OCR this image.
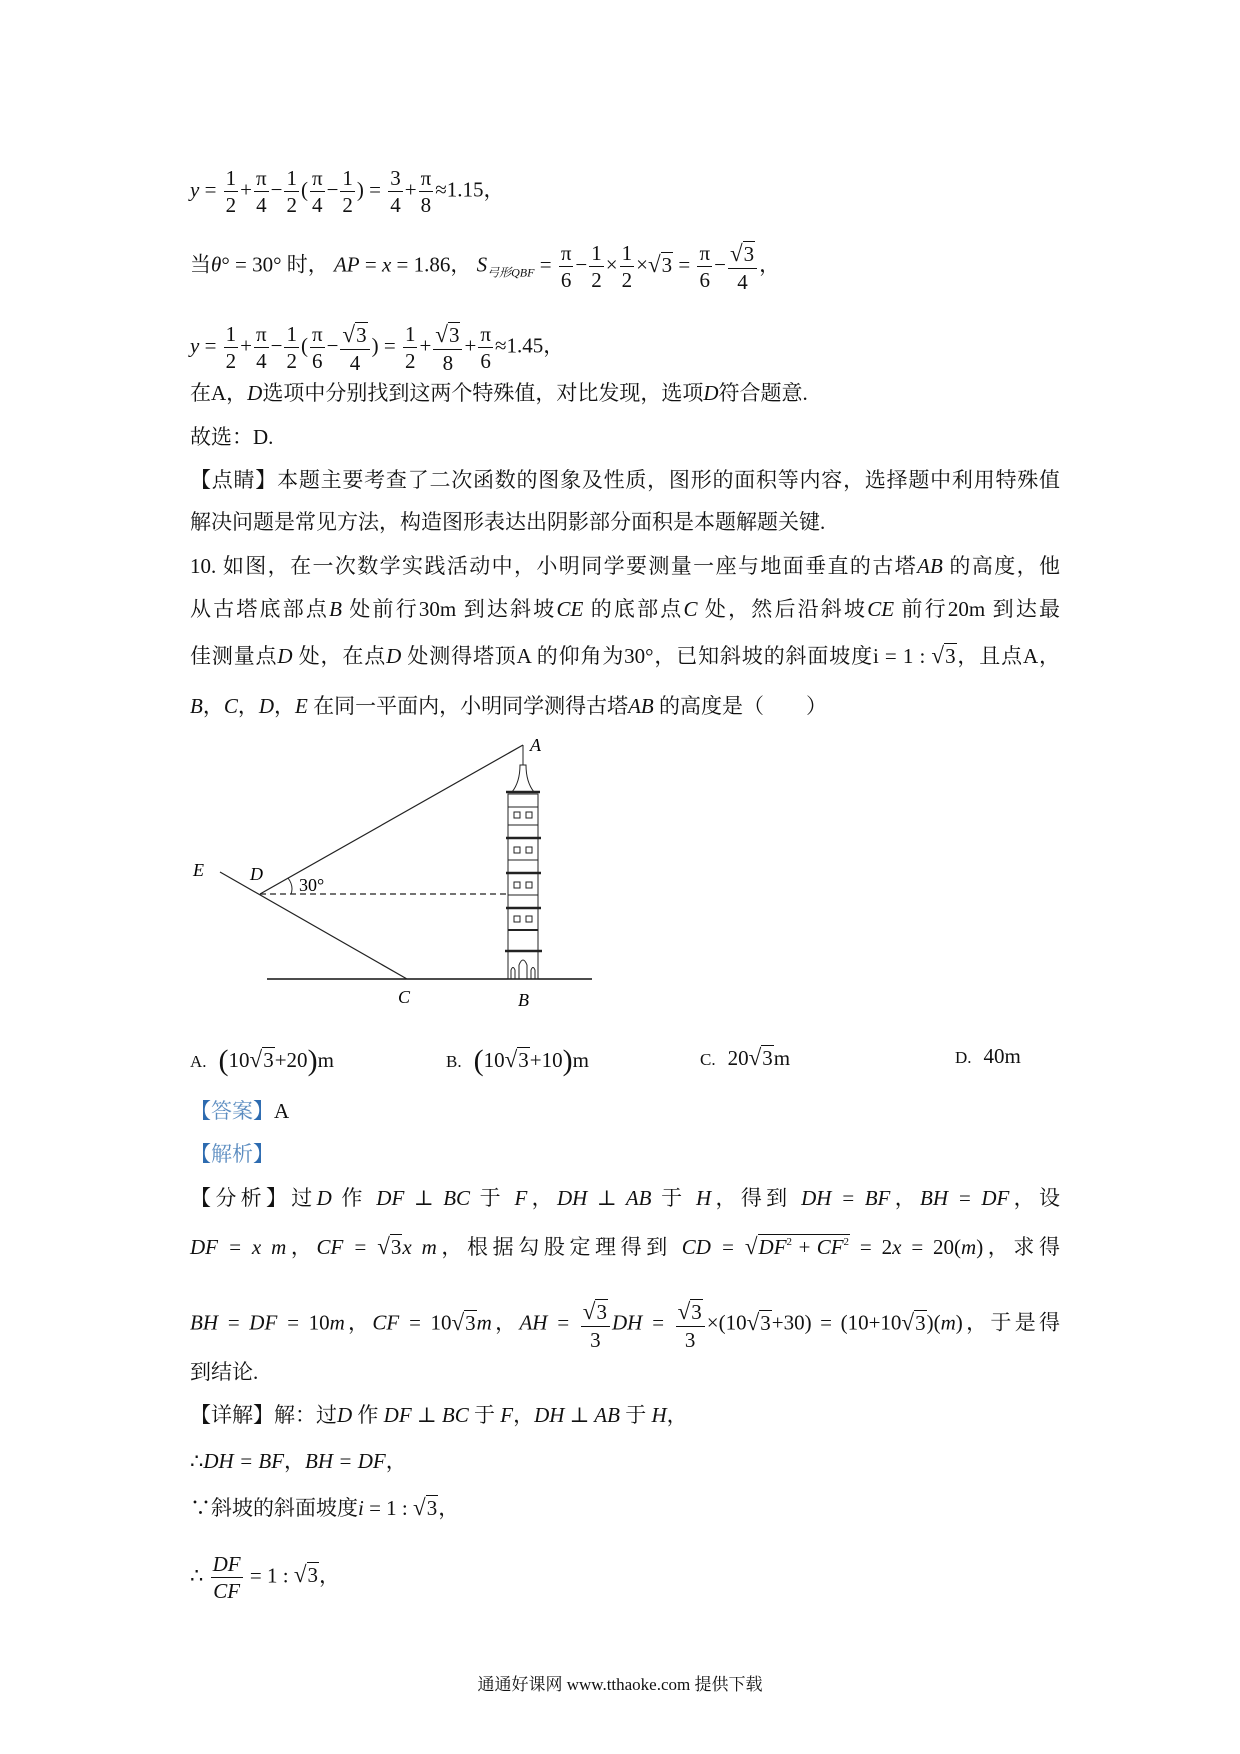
$y = \frac{1}{2} + \frac{\pi}{4} - \frac{1}{2}$ ( $\frac{\pi}{4} - \frac{1}{2}$ ) = $\frac{3}{4} + \frac{\pi}{8} \approx 1.15$，
当θ° = 30° 时， AP = x = 1.86， $S_{弓形QBF} = \frac{\pi}{6} - \frac{1}{2} \times \frac{1}{2} \times√3 = \frac{\pi}{6} - \frac{√3}{4}$ ，
$y = \frac{1}{2} + \frac{\pi}{4} - \frac{1}{2}$ ( $\frac{\pi}{6} - \frac{√3}{4}$ ) = $\frac{1}{2} + \frac{√3}{8} + \frac{\pi}{6} \approx 1.45$，
在A，D选项中分别找到这两个特殊值，对比发现，选项D符合题意.
故选：D.
【点睛】本题主要考查了二次函数的图象及性质，图形的面积等内容，选择题中利用特殊值
解决问题是常见方法，构造图形表达出阴影部分面积是本题解题关键.
10. 如图，在一次数学实践活动中，小明同学要测量一座与地面垂直的古塔AB 的高度，他
从古塔底部点B 处前行30m 到达斜坡CE 的底部点C 处，然后沿斜坡CE 前行20m 到达最
佳测量点D 处，在点D 处测得塔顶A 的仰角为30°，已知斜坡的斜面坡度i = 1 : √3，且点A，
B，C，D，E 在同一平面内，小明同学测得古塔AB 的高度是（　　）
【答案】A
【解析】
【分析】过D 作 DF ⊥ BC 于 F，DH ⊥ AB 于 H，得到 DH = BF，BH = DF，设
DF = x m，CF = √3x m，根据勾股定理得到 CD = $√DF^2 + CF^2 = 2x = 20(m)$，求得
BH = DF = 10m，CF = 10√3m，AH = $\frac{√3}{3}$ DH = $\frac{√3}{3} \times(10√3+30) = (10+10√3)(m)$，于是得
到结论.
【详解】解：过D 作 DF ⊥ BC 于 F，DH ⊥ AB 于 H，
∴DH = BF，BH = DF，
∵斜坡的斜面坡度i = 1 : √3，
∴ $\frac{DF}{CF} = 1$ : √3，
A. (10√3+20)m	B. (10√3+10)m	C. 20√3m	D. 40m
A
E	D
C	B
30°
通通好课网 www.tthaoke.com 提供下载
